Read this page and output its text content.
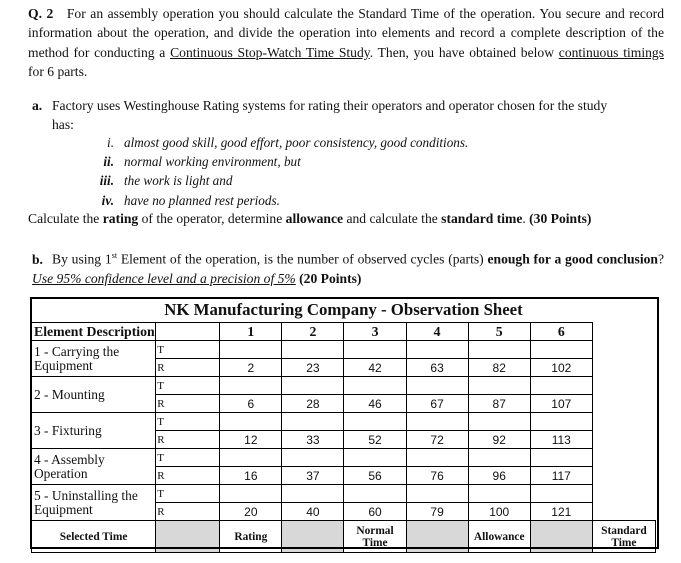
Q. 2 For an assembly operation you should calculate the Standard Time of the operation. You secure and record information about the operation, and divide the operation into elements and record a complete description of the method for conducting a Continuous Stop-Watch Time Study. Then, you have obtained below continuous timings for 6 parts.

a. Factory uses Westinghouse Rating systems for rating their operators and operator chosen for the study
has:
i. almost good skill, good effort, poor consistency, good conditions.
ii. normal working environment, but
iii. the work is light and
iv. have no planned rest periods.

Calculate the rating of the operator, determine allowance and calculate the standard time. (30 Points)

b. By using 1st Element of the operation, is the number of observed cycles (parts) enough for a good conclusion? Use 95% confidence level and a precision of 5% (20 Points)
NK Manufacturing Company - Observation Sheet
Element Description		1	2	3	4	5	6	
1 - Carrying the Equipment	T							
	R	2	23	42	63	82	102	
2 - Mounting	T							
	R	6	28	46	67	87	107	
3 - Fixturing	T							
	R	12	33	52	72	92	113	
4 - Assembly Operation	T							
	R	16	37	56	76	96	117	
5 - Uninstalling the Equipment	T							
	R	20	40	60	79	100	121	
Selected Time		Rating		Normal Time		Allowance		Standard Time
